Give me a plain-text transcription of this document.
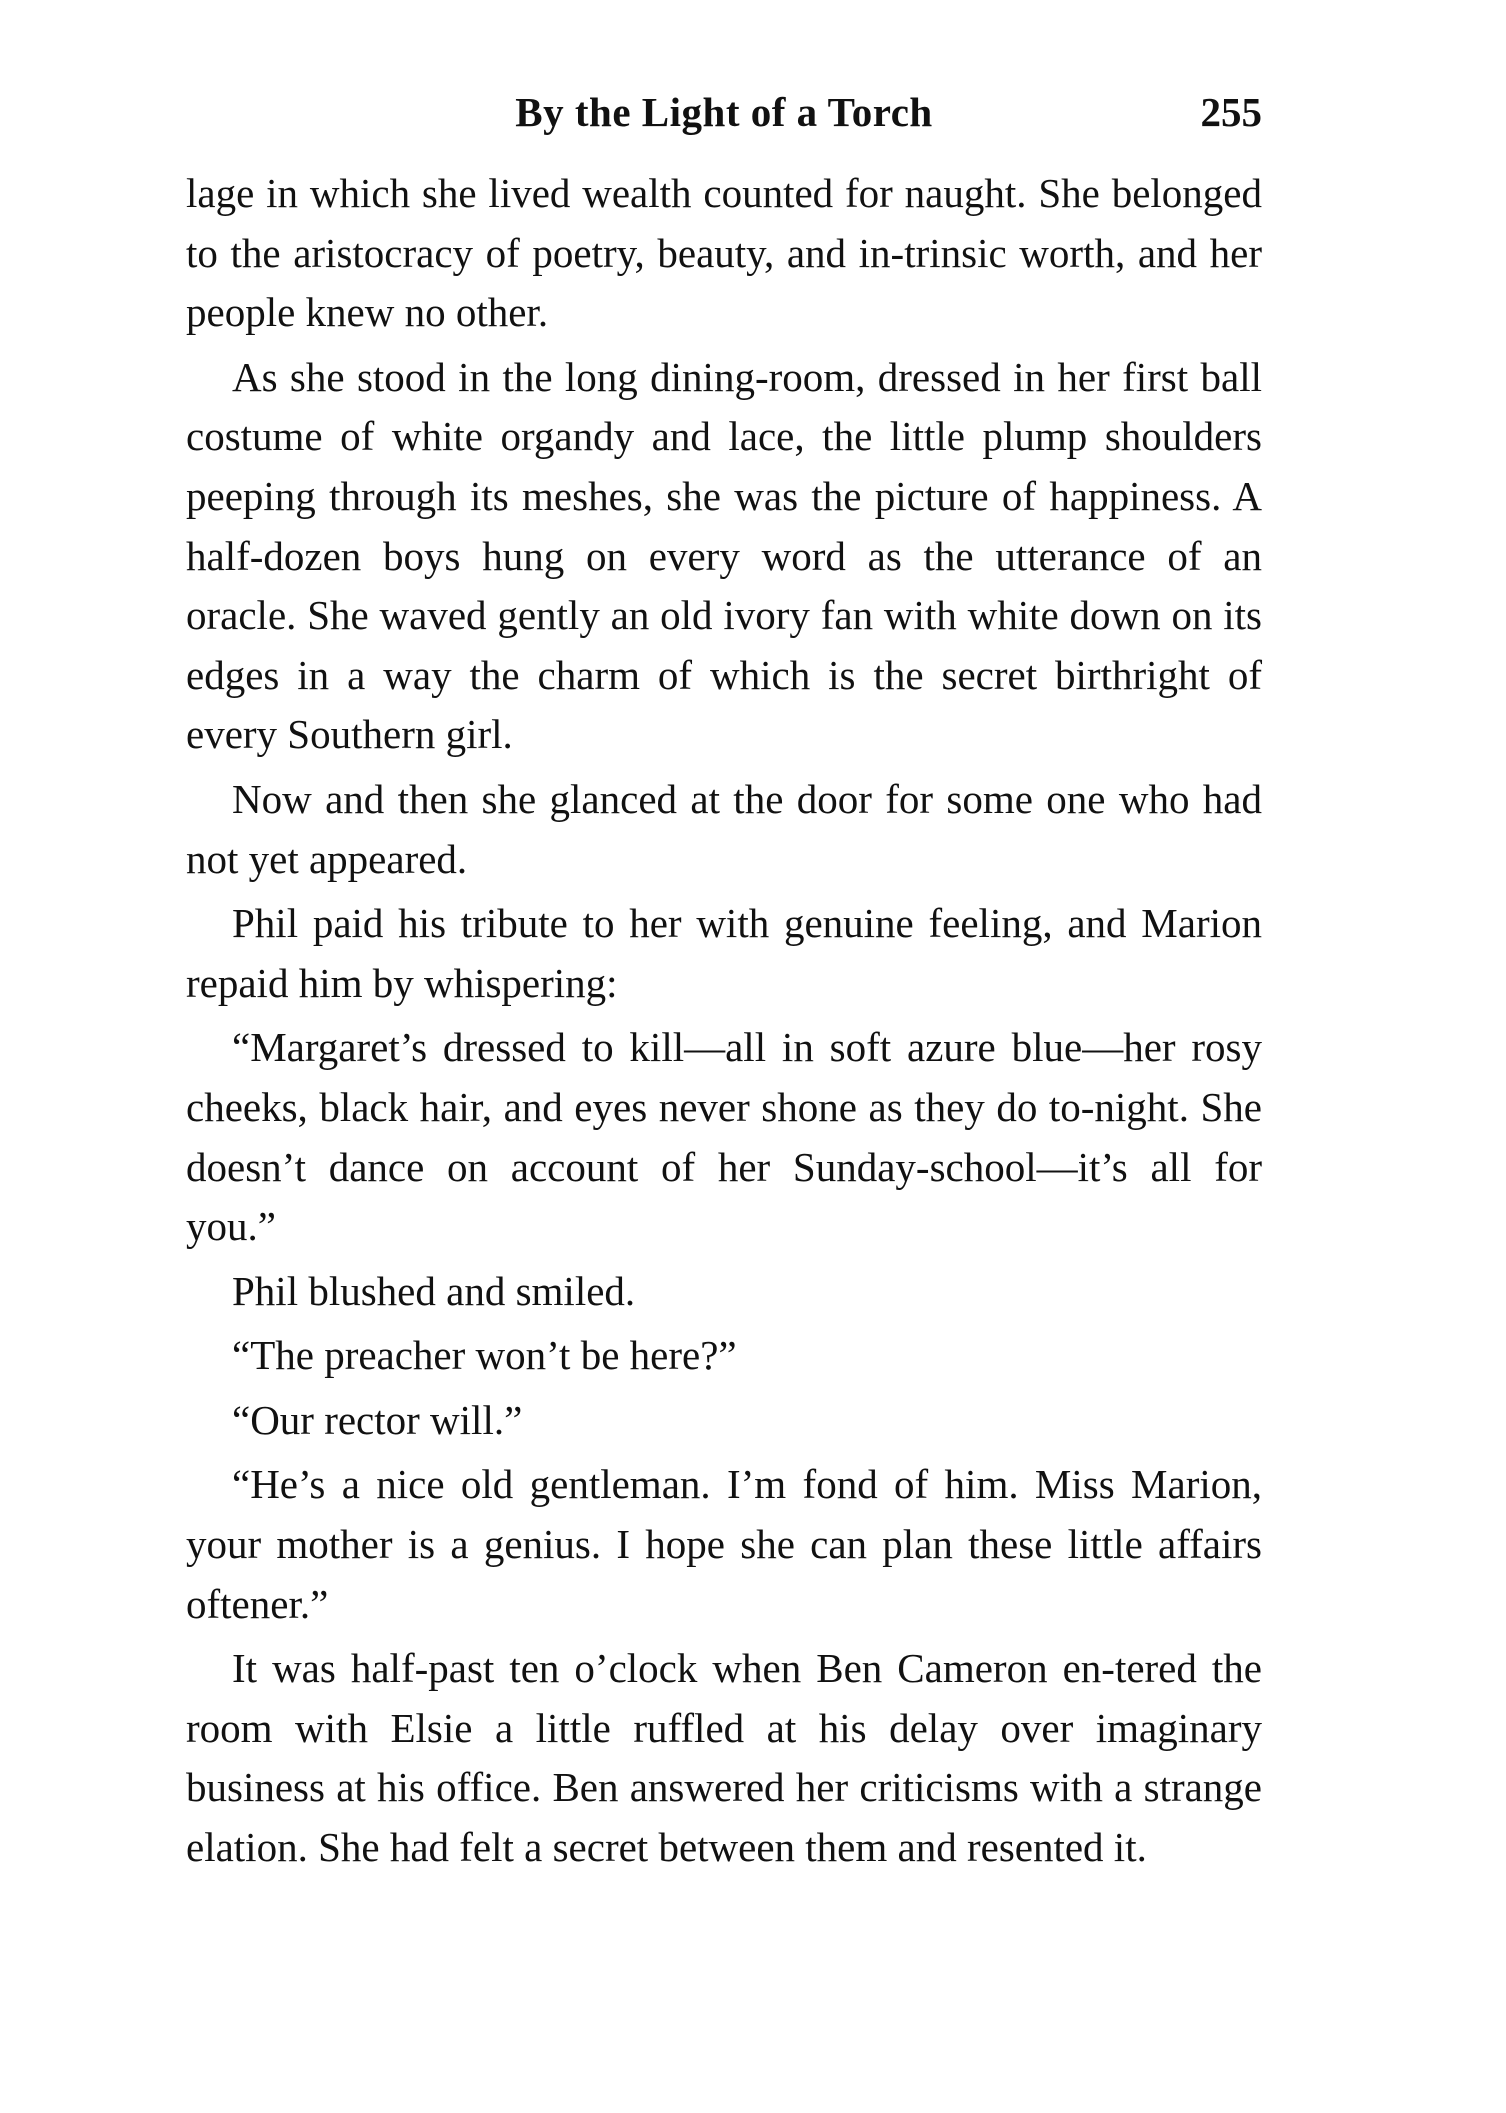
By the Light of a Torch	255

lage in which she lived wealth counted for naught. She belonged to the aristocracy of poetry, beauty, and in-trinsic worth, and her people knew no other.

As she stood in the long dining-room, dressed in her first ball costume of white organdy and lace, the little plump shoulders peeping through its meshes, she was the picture of happiness. A half-dozen boys hung on every word as the utterance of an oracle. She waved gently an old ivory fan with white down on its edges in a way the charm of which is the secret birthright of every Southern girl.

Now and then she glanced at the door for some one who had not yet appeared.

Phil paid his tribute to her with genuine feeling, and Marion repaid him by whispering:

“Margaret’s dressed to kill—all in soft azure blue—her rosy cheeks, black hair, and eyes never shone as they do to-night. She doesn’t dance on account of her Sunday-school—it’s all for you.”

Phil blushed and smiled.

“The preacher won’t be here?”

“Our rector will.”

“He’s a nice old gentleman. I’m fond of him. Miss Marion, your mother is a genius. I hope she can plan these little affairs oftener.”

It was half-past ten o’clock when Ben Cameron en-tered the room with Elsie a little ruffled at his delay over imaginary business at his office. Ben answered her criticisms with a strange elation. She had felt a secret between them and resented it.
